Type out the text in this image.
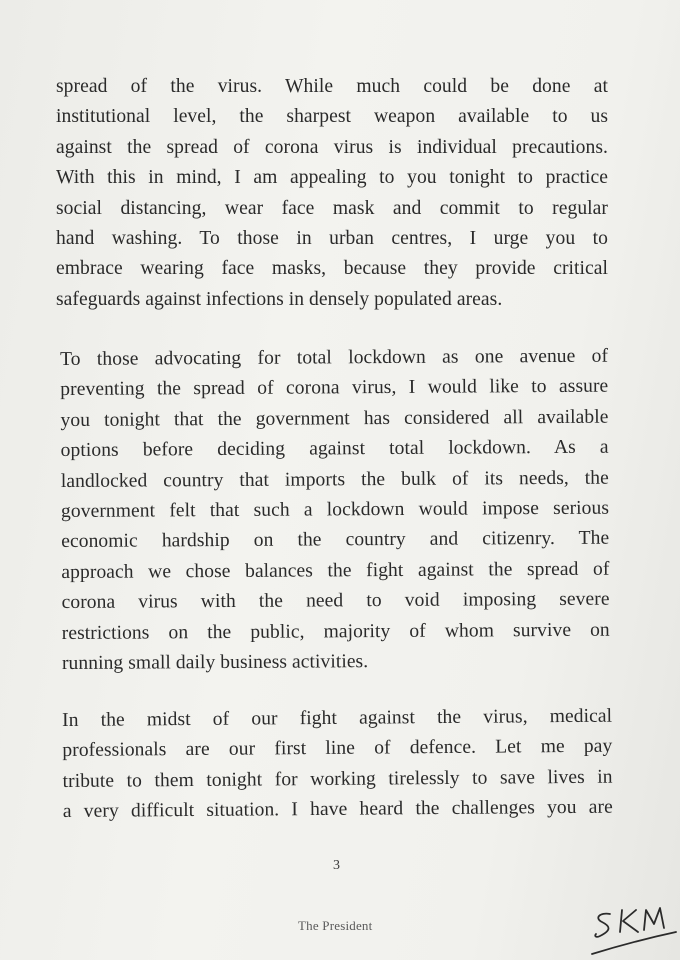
spread of the virus. While much could be done at
institutional level, the sharpest weapon available to us
against the spread of corona virus is individual precautions.
With this in mind, I am appealing to you tonight to practice
social distancing, wear face mask and commit to regular
hand washing. To those in urban centres, I urge you to
embrace wearing face masks, because they provide critical
safeguards against infections in densely populated areas.

To those advocating for total lockdown as one avenue of
preventing the spread of corona virus, I would like to assure
you tonight that the government has considered all available
options before deciding against total lockdown. As a
landlocked country that imports the bulk of its needs, the
government felt that such a lockdown would impose serious
economic hardship on the country and citizenry. The
approach we chose balances the fight against the spread of
corona virus with the need to void imposing severe
restrictions on the public, majority of whom survive on
running small daily business activities.

In the midst of our fight against the virus, medical
professionals are our first line of defence. Let me pay
tribute to them tonight for working tirelessly to save lives in
a very difficult situation. I have heard the challenges you are

3
The President
